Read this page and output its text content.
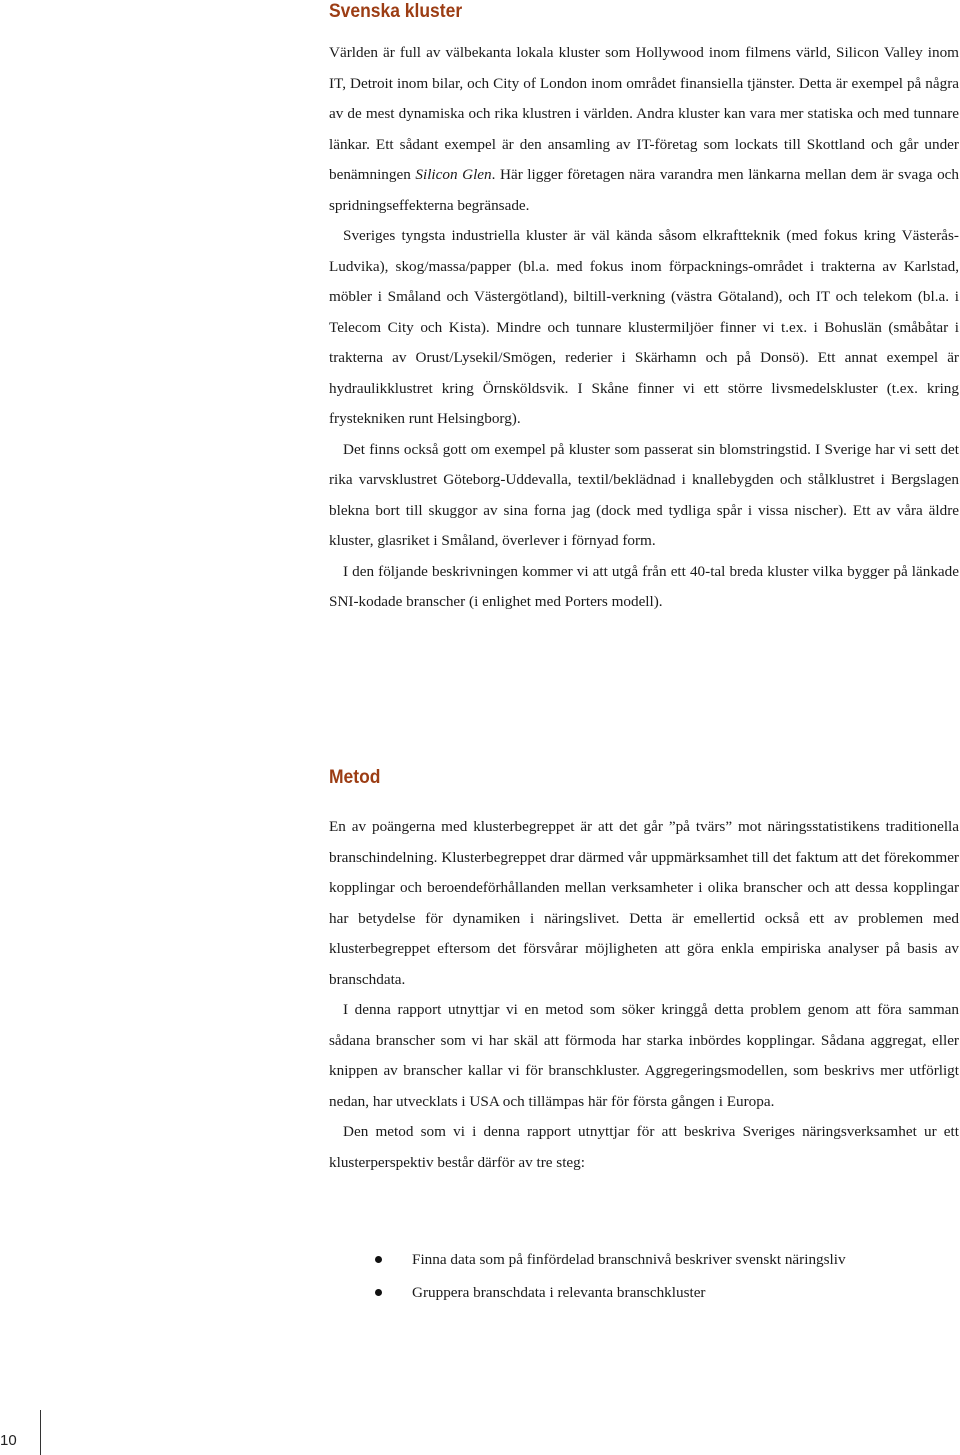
Svenska kluster

Världen är full av välbekanta lokala kluster som Hollywood inom filmens värld, Silicon Valley inom IT, Detroit inom bilar, och City of London inom området finansiella tjänster. Detta är exempel på några av de mest dynamiska och rika klustren i världen. Andra kluster kan vara mer statiska och med tunnare länkar. Ett sådant exempel är den ansamling av IT-företag som lockats till Skottland och går under benämningen Silicon Glen. Här ligger företagen nära varandra men länkarna mellan dem är svaga och spridningseffekterna begränsade.

Sveriges tyngsta industriella kluster är väl kända såsom elkraftteknik (med fokus kring Västerås-Ludvika), skog/massa/papper (bl.a. med fokus inom förpacknings-området i trakterna av Karlstad, möbler i Småland och Västergötland), biltill-verkning (västra Götaland), och IT och telekom (bl.a. i Telecom City och Kista). Mindre och tunnare klustermiljöer finner vi t.ex. i Bohuslän (småbåtar i trakterna av Orust/Lysekil/Smögen, rederier i Skärhamn och på Donsö). Ett annat exempel är hydraulikklustret kring Örnsköldsvik. I Skåne finner vi ett större livsmedelskluster (t.ex. kring frystekniken runt Helsingborg).

Det finns också gott om exempel på kluster som passerat sin blomstringstid. I Sverige har vi sett det rika varvsklustret Göteborg-Uddevalla, textil/beklädnad i knallebygden och stålklustret i Bergslagen blekna bort till skuggor av sina forna jag (dock med tydliga spår i vissa nischer). Ett av våra äldre kluster, glasriket i Småland, överlever i förnyad form.

I den följande beskrivningen kommer vi att utgå från ett 40-tal breda kluster vilka bygger på länkade SNI-kodade branscher (i enlighet med Porters modell).

Metod

En av poängerna med klusterbegreppet är att det går ”på tvärs” mot näringsstatistikens traditionella branschindelning. Klusterbegreppet drar därmed vår uppmärksamhet till det faktum att det förekommer kopplingar och beroendeförhållanden mellan verksamheter i olika branscher och att dessa kopplingar har betydelse för dynamiken i näringslivet. Detta är emellertid också ett av problemen med klusterbegreppet eftersom det försvårar möjligheten att göra enkla empiriska analyser på basis av branschdata.

I denna rapport utnyttjar vi en metod som söker kringgå detta problem genom att föra samman sådana branscher som vi har skäl att förmoda har starka inbördes kopplingar. Sådana aggregat, eller knippen av branscher kallar vi för branschkluster. Aggregeringsmodellen, som beskrivs mer utförligt nedan, har utvecklats i USA och tillämpas här för första gången i Europa.

Den metod som vi i denna rapport utnyttjar för att beskriva Sveriges näringsverksamhet ur ett klusterperspektiv består därför av tre steg:

Finna data som på finfördelad branschnivå beskriver svenskt näringsliv
Gruppera branschdata i relevanta branschkluster
10
